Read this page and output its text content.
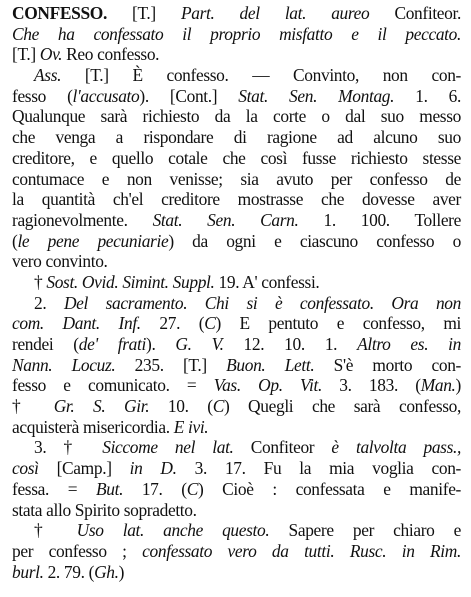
CONFESSO. [T.] Part. del lat. aureo Confiteor.
Che ha confessato il proprio misfatto e il peccato.
[T.] Ov. Reo confesso.
Ass. [T.] È confesso. — Convinto, non con-
fesso (l'accusato). [Cont.] Stat. Sen. Montag. 1. 6.
Qualunque sarà richiesto da la corte o dal suo messo
che venga a rispondare di ragione ad alcuno suo
creditore, e quello cotale che così fusse richiesto stesse
contumace e non venisse; sia avuto per confesso de
la quantità ch'el creditore mostrasse che dovesse aver
ragionevolmente. Stat. Sen. Carn. 1. 100. Tollere
(le pene pecuniarie) da ogni e ciascuno confesso o
vero convinto.
† Sost. Ovid. Simint. Suppl. 19. A' confessi.
2. Del sacramento. Chi si è confessato. Ora non
com. Dant. Inf. 27. (C) E pentuto e confesso, mi
rendei (de' frati). G. V. 12. 10. 1. Altro es. in
Nann. Locuz. 235. [T.] Buon. Lett. S'è morto con-
fesso e comunicato. = Vas. Op. Vit. 3. 183. (Man.)
† Gr. S. Gir. 10. (C) Quegli che sarà confesso,
acquisterà misericordia. E ivi.
3. † Siccome nel lat. Confiteor è talvolta pass.,
così [Camp.] in D. 3. 17. Fu la mia voglia con-
fessa. = But. 17. (C) Cioè : confessata e manife-
stata allo Spirito sopradetto.
† Uso lat. anche questo. Sapere per chiaro e
per confesso ; confessato vero da tutti. Rusc. in Rim.
burl. 2. 79. (Gh.)
